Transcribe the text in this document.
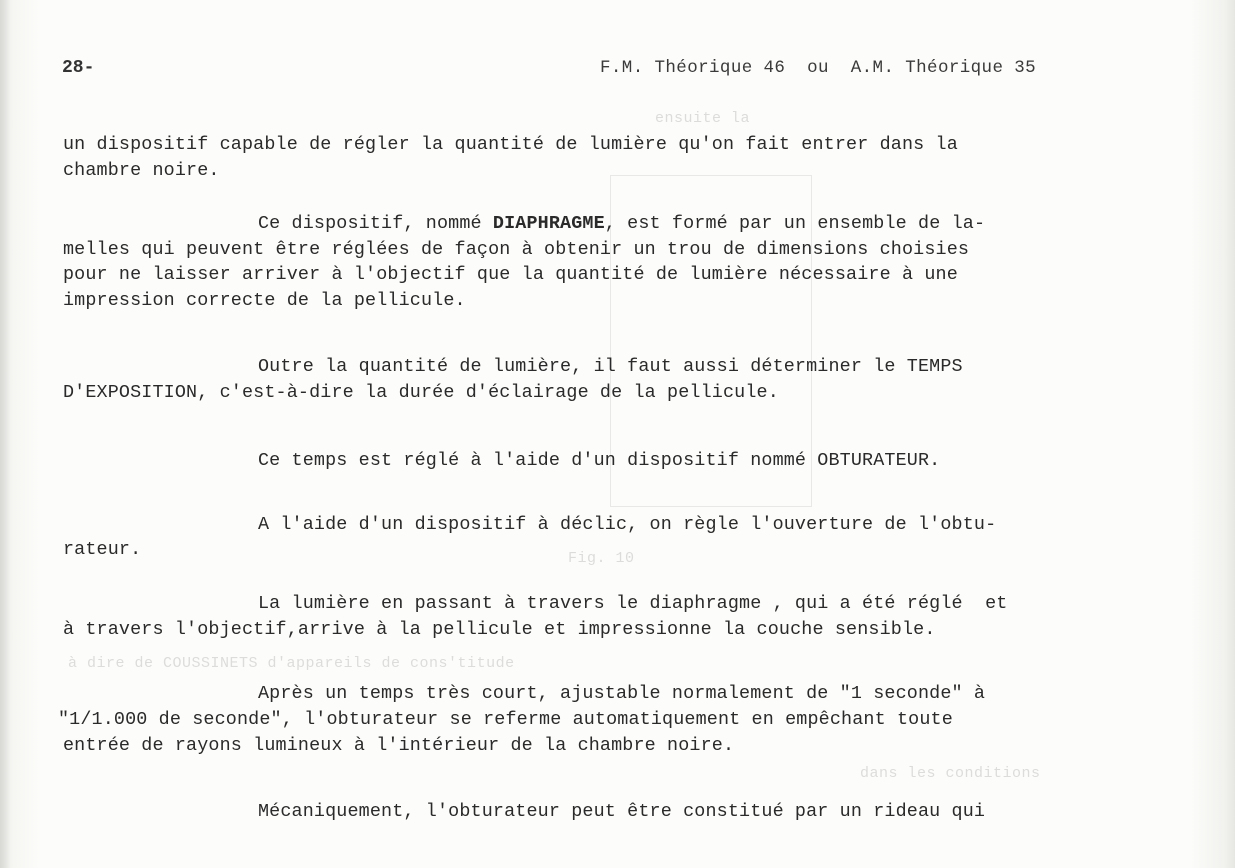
ensuite la
Fig. 10
à dire de COUSSINETS d'appareils de cons'titude
dans les conditions
28-	F.M. Théorique 46  ou  A.M. Théorique 35
un dispositif capable de régler la quantité de lumière qu'on fait entrer dans la
chambre noire.
Ce dispositif, nommé DIAPHRAGME, est formé par un ensemble de la-
melles qui peuvent être réglées de façon à obtenir un trou de dimensions choisies
pour ne laisser arriver à l'objectif que la quantité de lumière nécessaire à une
impression correcte de la pellicule.
Outre la quantité de lumière, il faut aussi déterminer le TEMPS
D'EXPOSITION, c'est-à-dire la durée d'éclairage de la pellicule.
Ce temps est réglé à l'aide d'un dispositif nommé OBTURATEUR.
A l'aide d'un dispositif à déclic, on règle l'ouverture de l'obtu-
rateur.
La lumière en passant à travers le diaphragme , qui a été réglé  et
à travers l'objectif,arrive à la pellicule et impressionne la couche sensible.
Après un temps très court, ajustable normalement de "1 seconde" à
"1/1.000 de seconde", l'obturateur se referme automatiquement en empêchant toute
entrée de rayons lumineux à l'intérieur de la chambre noire.
Mécaniquement, l'obturateur peut être constitué par un rideau qui
